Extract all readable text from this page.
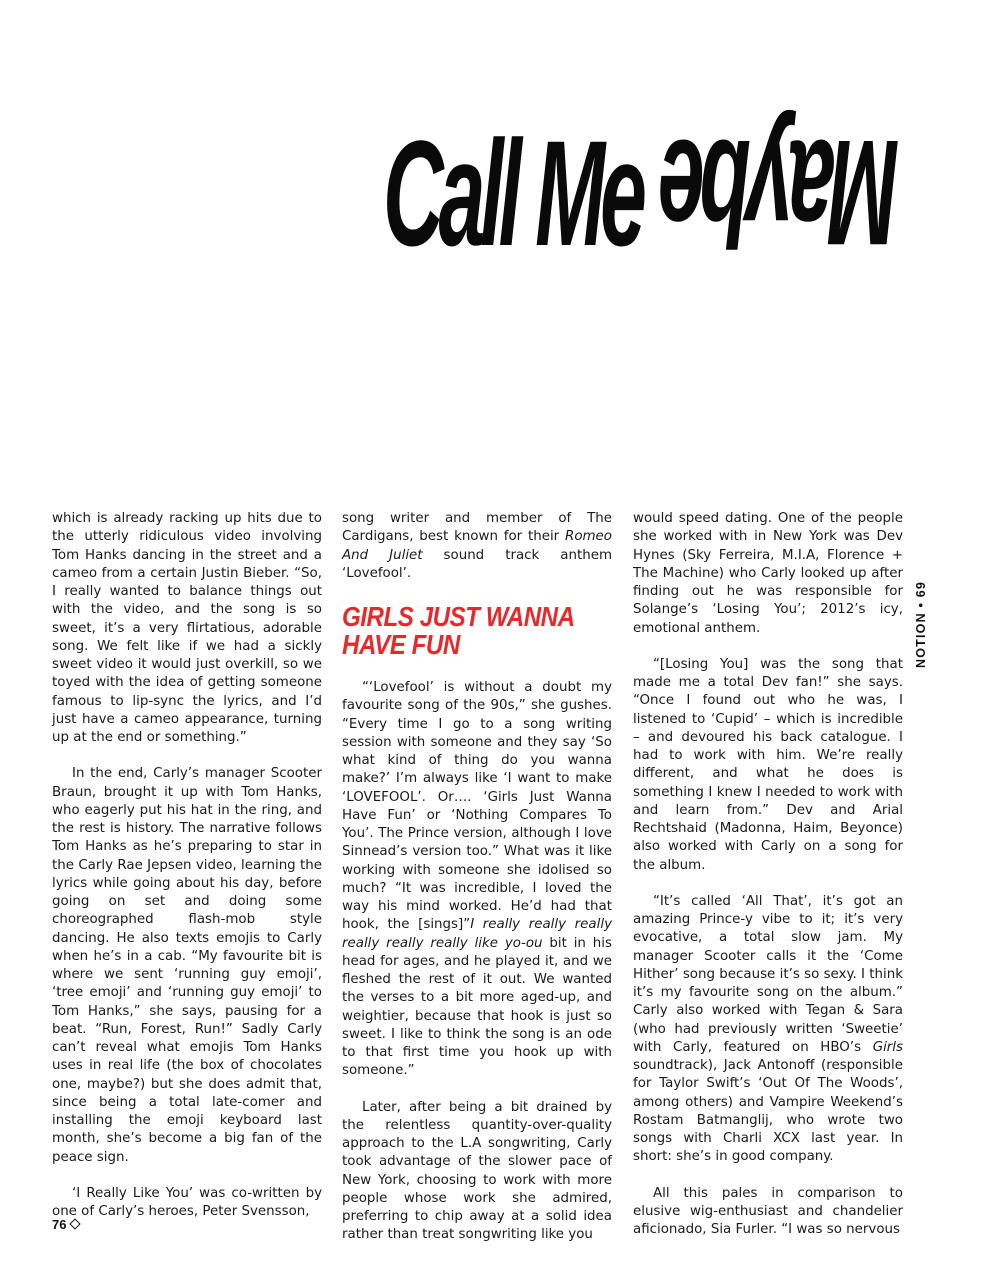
Call Me Maybe

which is already racking up hits due to the utterly ridiculous video involving Tom Hanks dancing in the street and a cameo from a certain Justin Bieber. “So, I really wanted to balance things out with the video, and the song is so sweet, it’s a very flirtatious, adorable song. We felt like if we had a sickly sweet video it would just overkill, so we toyed with the idea of getting someone famous to lip-sync the lyrics, and I’d just have a cameo appearance, turning up at the end or something.”

In the end, Carly’s manager Scooter Braun, brought it up with Tom Hanks, who eagerly put his hat in the ring, and the rest is history. The narrative follows Tom Hanks as he’s preparing to star in the Carly Rae Jepsen video, learning the lyrics while going about his day, before going on set and doing some choreographed flash-mob style dancing. He also texts emojis to Carly when he’s in a cab. “My favourite bit is where we sent ‘running guy emoji’, ‘tree emoji’ and ‘running guy emoji’ to Tom Hanks,” she says, pausing for a beat. “Run, Forest, Run!” Sadly Carly can’t reveal what emojis Tom Hanks uses in real life (the box of chocolates one, maybe?) but she does admit that, since being a total late-comer and installing the emoji keyboard last month, she’s become a big fan of the peace sign.

‘I Really Like You’ was co-written by one of Carly’s heroes, Peter Svensson,

song writer and member of The Cardigans, best known for their Romeo And Juliet sound track anthem ‘Lovefool’.

GIRLS JUST WANNA HAVE FUN

“‘Lovefool’ is without a doubt my favourite song of the 90s,” she gushes. “Every time I go to a song writing session with someone and they say ‘So what kind of thing do you wanna make?’ I’m always like ‘I want to make ‘LOVEFOOL’. Or…. ‘Girls Just Wanna Have Fun’ or ‘Nothing Compares To You’. The Prince version, although I love Sinnead’s version too.” What was it like working with someone she idolised so much? “It was incredible, I loved the way his mind worked. He’d had that hook, the [sings]”I really really really really really really like yo-ou bit in his head for ages, and he played it, and we fleshed the rest of it out. We wanted the verses to a bit more aged-up, and weightier, because that hook is just so sweet. I like to think the song is an ode to that first time you hook up with someone.”

Later, after being a bit drained by the relentless quantity-over-quality approach to the L.A songwriting, Carly took advantage of the slower pace of New York, choosing to work with more people whose work she admired, preferring to chip away at a solid idea rather than treat songwriting like you

would speed dating. One of the people she worked with in New York was Dev Hynes (Sky Ferreira, M.I.A, Florence + The Machine) who Carly looked up after finding out he was responsible for Solange’s ‘Losing You’; 2012’s icy, emotional anthem.

“[Losing You] was the song that made me a total Dev fan!” she says. “Once I found out who he was, I listened to ‘Cupid’ – which is incredible – and devoured his back catalogue. I had to work with him. We’re really different, and what he does is something I knew I needed to work with and learn from.” Dev and Arial Rechtshaid (Madonna, Haim, Beyonce) also worked with Carly on a song for the album.

“It’s called ‘All That’, it’s got an amazing Prince-y vibe to it; it’s very evocative, a total slow jam. My manager Scooter calls it the ‘Come Hither’ song because it’s so sexy. I think it’s my favourite song on the album.” Carly also worked with Tegan & Sara (who had previously written ‘Sweetie’ with Carly, featured on HBO’s Girls soundtrack), Jack Antonoff (responsible for Taylor Swift’s ‘Out Of The Woods’, among others) and Vampire Weekend’s Rostam Batmanglij, who wrote two songs with Charli XCX last year. In short: she’s in good company.

All this pales in comparison to elusive wig-enthusiast and chandelier aficionado, Sia Furler. “I was so nervous

NOTION • 69
76
